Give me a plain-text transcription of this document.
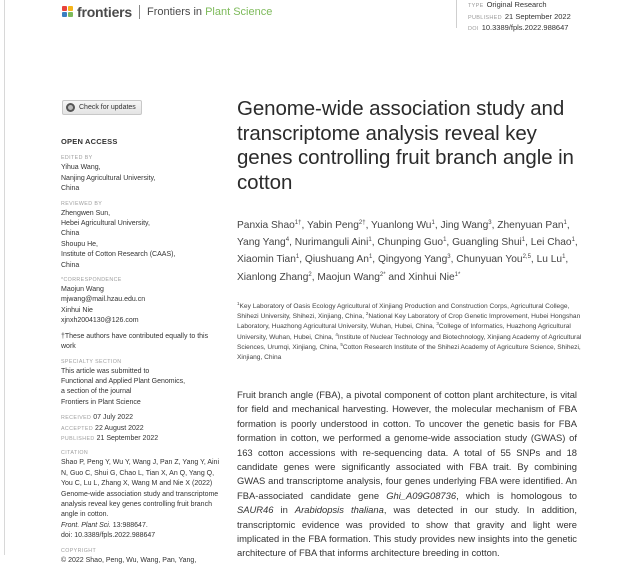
frontiers Frontiers in Plant Science	TYPE Original Research
PUBLISHED 21 September 2022
DOI 10.3389/fpls.2022.988647
Check for updates
OPEN ACCESS
EDITED BY
Yihua Wang,
Nanjing Agricultural University,
China
REVIEWED BY
Zhengwen Sun,
Hebei Agricultural University,
China
Shoupu He,
Institute of Cotton Research (CAAS),
China
*CORRESPONDENCE
Maojun Wang
mjwang@mail.hzau.edu.cn
Xinhui Nie
xjnxh2004130@126.com
†These authors have contributed equally to this work
SPECIALTY SECTION
This article was submitted to
Functional and Applied Plant Genomics,
a section of the journal
Frontiers in Plant Science
RECEIVED 07 July 2022
ACCEPTED 22 August 2022
PUBLISHED 21 September 2022
CITATION
Shao P, Peng Y, Wu Y, Wang J, Pan Z, Yang Y, Aini N, Guo C, Shui G, Chao L, Tian X, An Q, Yang Q, You C, Lu L, Zhang X, Wang M and Nie X (2022) Genome-wide association study and transcriptome analysis reveal key genes controlling fruit branch angle in cotton.
Front. Plant Sci. 13:988647.
doi: 10.3389/fpls.2022.988647
COPYRIGHT
© 2022 Shao, Peng, Wu, Wang, Pan, Yang,
Genome-wide association study and transcriptome analysis reveal key genes controlling fruit branch angle in cotton
Panxia Shao$^{1\dagger}$, Yabin Peng$^{2\dagger}$, Yuanlong Wu$^1$, Jing Wang$^3$, Zhenyuan Pan$^1$, Yang Yang$^4$, Nurimanguli Aini$^1$, Chunping Guo$^1$, Guangling Shui$^1$, Lei Chao$^1$, Xiaomin Tian$^1$, Qiushuang An$^1$, Qingyong Yang$^3$, Chunyuan You$^{2,5}$, Lu Lu$^1$, Xianlong Zhang$^2$, Maojun Wang$^{2*}$ and Xinhui Nie$^{1*}$
$^1$Key Laboratory of Oasis Ecology Agricultural of Xinjiang Production and Construction Corps, Agricultural College, Shihezi University, Shihezi, Xinjiang, China, $^2$National Key Laboratory of Crop Genetic Improvement, Hubei Hongshan Laboratory, Huazhong Agricultural University, Wuhan, Hubei, China, $^3$College of Informatics, Huazhong Agricultural University, Wuhan, Hubei, China, $^4$Institute of Nuclear Technology and Biotechnology, Xinjiang Academy of Agricultural Sciences, Urumqi, Xinjiang, China, $^5$Cotton Research Institute of the Shihezi Academy of Agriculture Science, Shihezi, Xinjiang, China
Fruit branch angle (FBA), a pivotal component of cotton plant architecture, is vital for field and mechanical harvesting. However, the molecular mechanism of FBA formation is poorly understood in cotton. To uncover the genetic basis for FBA formation in cotton, we performed a genome-wide association study (GWAS) of 163 cotton accessions with re-sequencing data. A total of 55 SNPs and 18 candidate genes were significantly associated with FBA trait. By combining GWAS and transcriptome analysis, four genes underlying FBA were identified. An FBA-associated candidate gene Ghi_A09G08736, which is homologous to SAUR46 in Arabidopsis thaliana, was detected in our study. In addition, transcriptomic evidence was provided to show that gravity and light were implicated in the FBA formation. This study provides new insights into the genetic architecture of FBA that informs architecture breeding in cotton.
